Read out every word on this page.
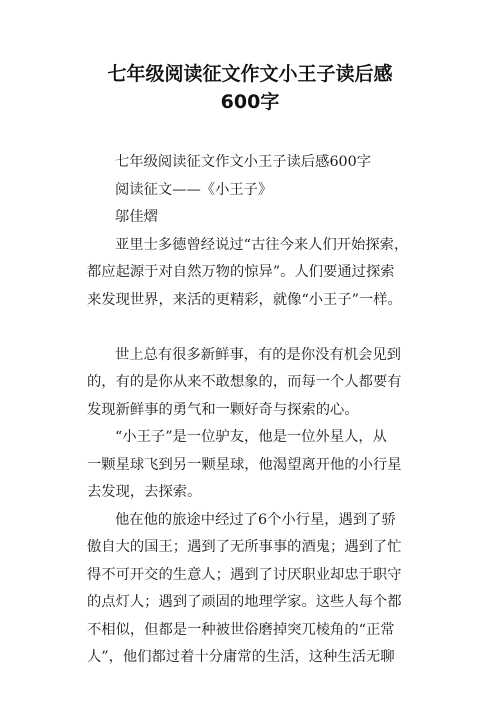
七年级阅读征文作文小王子读后感
600字
七年级阅读征文作文小王子读后感600字
阅读征文——《小王子》
邬佳熠
亚里士多德曾经说过“古往今来人们开始探索，
都应起源于对自然万物的惊异”。人们要通过探索
来发现世界，来活的更精彩，就像“小王子”一样。
世上总有很多新鲜事，有的是你没有机会见到
的，有的是你从来不敢想象的，而每一个人都要有
发现新鲜事的勇气和一颗好奇与探索的心。
“小王子”是一位驴友，他是一位外星人，从
一颗星球飞到另一颗星球，他渴望离开他的小行星
去发现，去探索。
他在他的旅途中经过了6个小行星，遇到了骄
傲自大的国王；遇到了无所事事的酒鬼；遇到了忙
得不可开交的生意人；遇到了讨厌职业却忠于职守
的点灯人；遇到了顽固的地理学家。这些人每个都
不相似，但都是一种被世俗磨掉突兀棱角的“正常
人”，他们都过着十分庸常的生活，这种生活无聊
